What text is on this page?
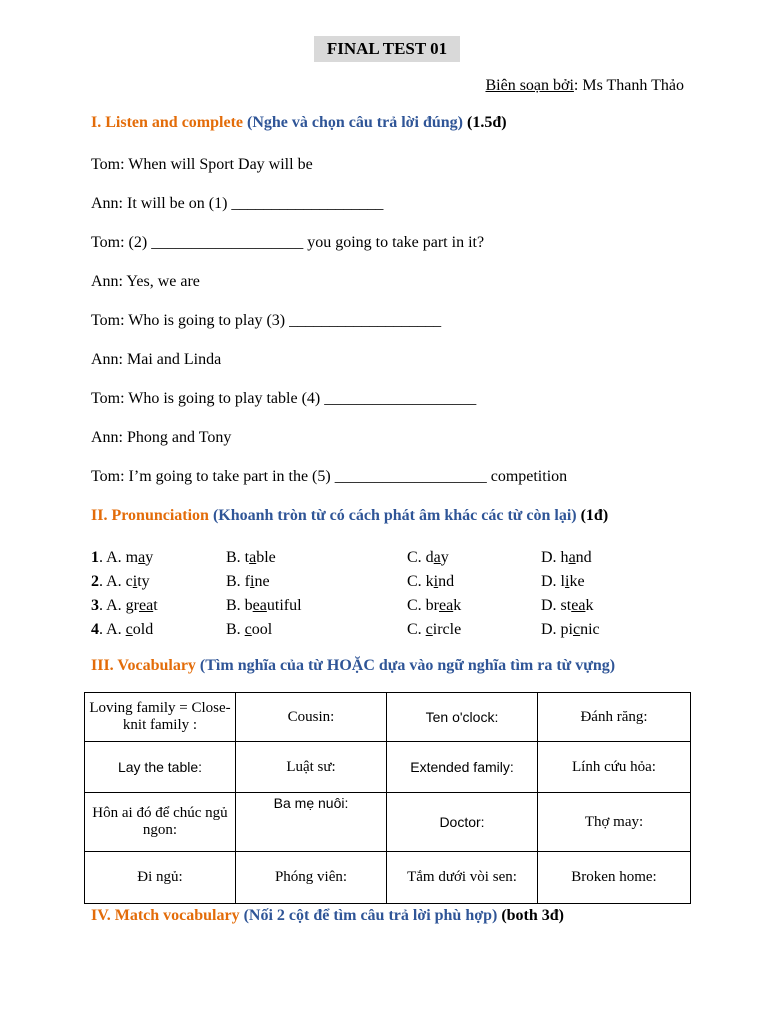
FINAL TEST 01
Biên soạn bởi: Ms Thanh Thảo
I. Listen and complete (Nghe và chọn câu trả lời đúng) (1.5đ)
Tom: When will Sport Day will be
Ann: It will be on (1) ___________________
Tom: (2) ___________________ you going to take part in it?
Ann: Yes, we are
Tom: Who is going to play (3) ___________________
Ann: Mai and Linda
Tom: Who is going to play table (4) ___________________
Ann: Phong and Tony
Tom: I’m going to take part in the (5) ___________________ competition
II. Pronunciation (Khoanh tròn từ có cách phát âm khác các từ còn lại) (1đ)
1. A. may	B. table	C. day	D. hand
2. A. city	B. fine	C. kind	D. like
3. A. great	B. beautiful	C. break	D. steak
4. A. cold	B. cool	C. circle	D. picnic
III. Vocabulary (Tìm nghĩa của từ HOẶC dựa vào ngữ nghĩa tìm ra từ vựng)
Loving family = Close-knit family :	Cousin:	Ten o'clock:	Đánh răng:
Lay the table:	Luật sư:	Extended family:	Lính cứu hỏa:
Hôn ai đó để chúc ngủ ngon:	Ba mẹ nuôi:	Doctor:	Thợ may:
Đi ngủ:	Phóng viên:	Tắm dưới vòi sen:	Broken home:
IV. Match vocabulary (Nối 2 cột để tìm câu trả lời phù hợp) (both 3đ)
